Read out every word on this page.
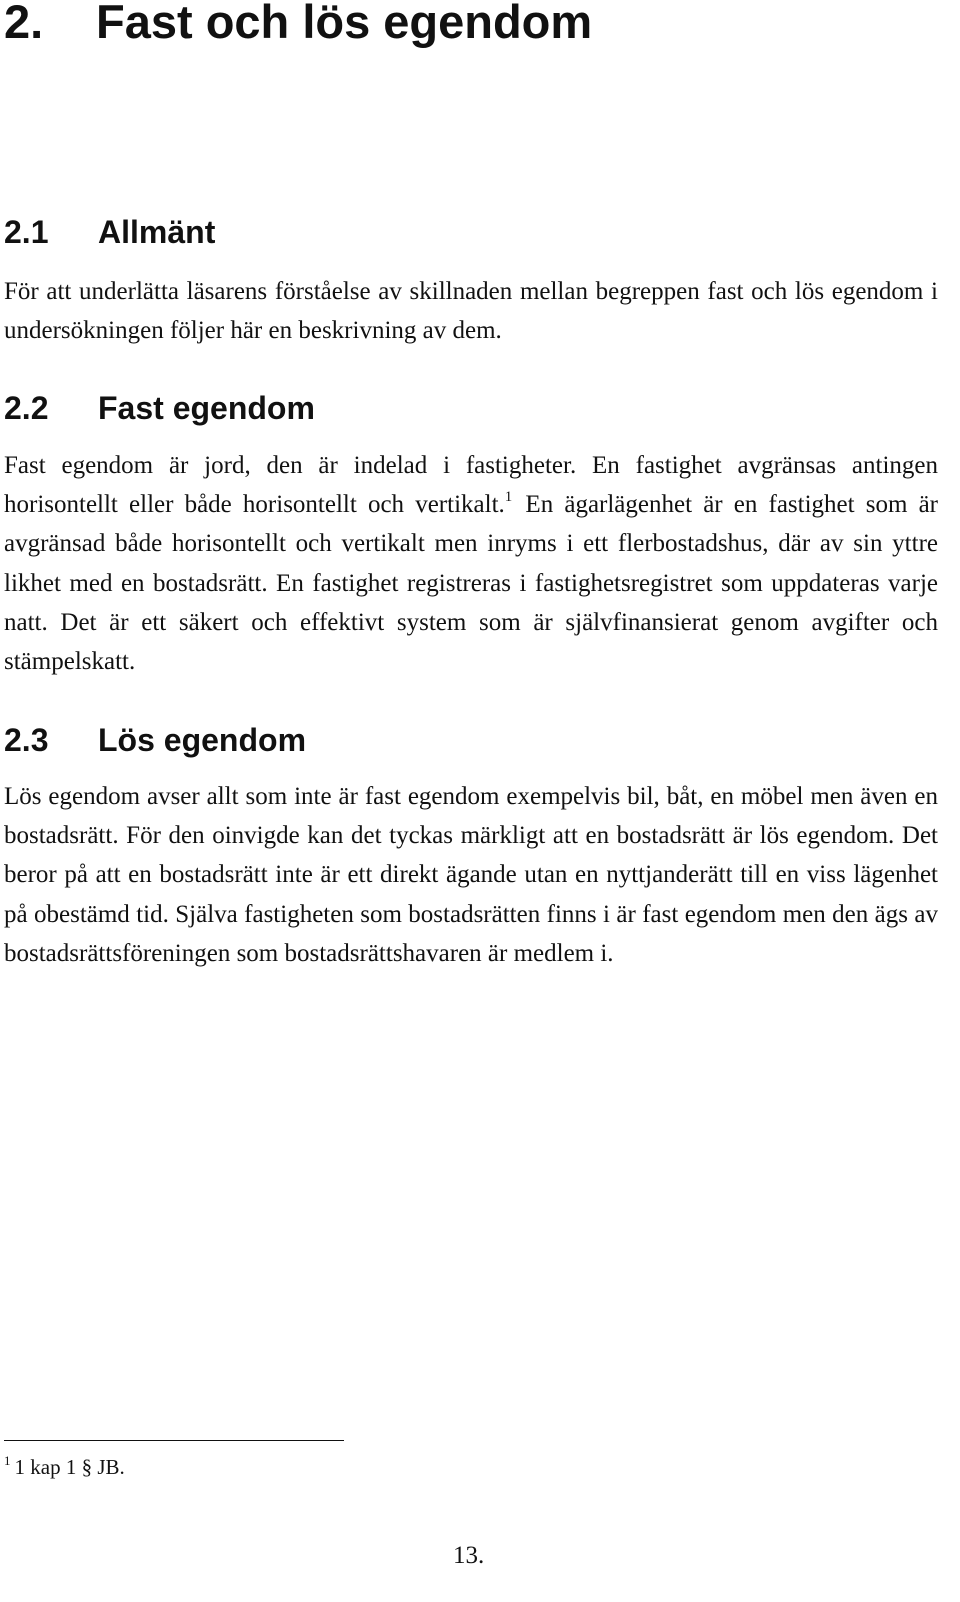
2. Fast och lös egendom
2.1 Allmänt

För att underlätta läsarens förståelse av skillnaden mellan begreppen fast och lös egendom i undersökningen följer här en beskrivning av dem.

2.2 Fast egendom

Fast egendom är jord, den är indelad i fastigheter. En fastighet avgränsas antingen horisontellt eller både horisontellt och vertikalt.$^1$ En ägarlägenhet är en fastighet som är avgränsad både horisontellt och vertikalt men inryms i ett flerbostadshus, där av sin yttre likhet med en bostadsrätt. En fastighet registreras i fastighetsregistret som uppdateras varje natt. Det är ett säkert och effektivt system som är självfinansierat genom avgifter och stämpelskatt.

2.3 Lös egendom

Lös egendom avser allt som inte är fast egendom exempelvis bil, båt, en möbel men även en bostadsrätt. För den oinvigde kan det tyckas märkligt att en bostadsrätt är lös egendom. Det beror på att en bostadsrätt inte är ett direkt ägande utan en nyttjanderätt till en viss lägenhet på obestämd tid. Själva fastigheten som bostadsrätten finns i är fast egendom men den ägs av bostadsrättsföreningen som bostadsrättshavaren är medlem i.

$^1$ 1 kap 1 § JB.

13.
